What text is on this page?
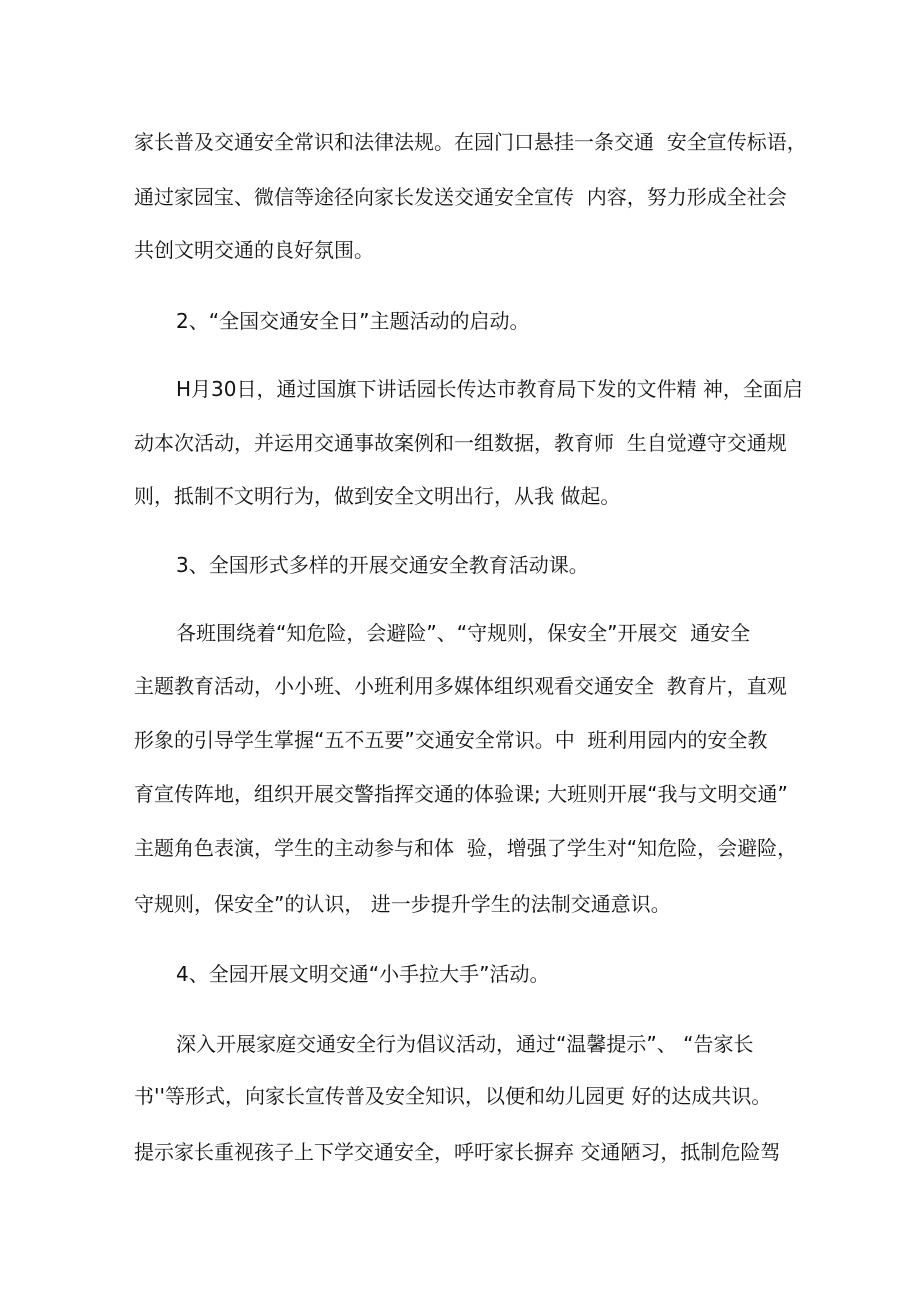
家长普及交通安全常识和法律法规。在园门口悬挂一条交通  安全宣传标语，

通过家园宝、微信等途径向家长发送交通安全宣传  内容，努力形成全社会

共创文明交通的良好氛围。

2、“全国交通安全日”主题活动的启动。

H月30日，通过国旗下讲话园长传达市教育局下发的文件精 神，全面启

动本次活动，并运用交通事故案例和一组数据，教育师  生自觉遵守交通规

则，抵制不文明行为，做到安全文明出行，从我 做起。

3、全国形式多样的开展交通安全教育活动课。

各班围绕着“知危险，会避险”、“守规则，保安全”开展交  通安全

主题教育活动，小小班、小班利用多媒体组织观看交通安全  教育片，直观

形象的引导学生掌握“五不五要”交通安全常识。中  班利用园内的安全教

育宣传阵地，组织开展交警指挥交通的体验课; 大班则开展“我与文明交通”

主题角色表演，学生的主动参与和体  验，增强了学生对“知危险，会避险，

守规则，保安全”的认识， 进一步提升学生的法制交通意识。

4、全园开展文明交通“小手拉大手”活动。

深入开展家庭交通安全行为倡议活动，通过“温馨提示”、 “告家长

书''等形式，向家长宣传普及安全知识，以便和幼儿园更 好的达成共识。

提示家长重视孩子上下学交通安全，呼吁家长摒弃 交通陋习，抵制危险驾
